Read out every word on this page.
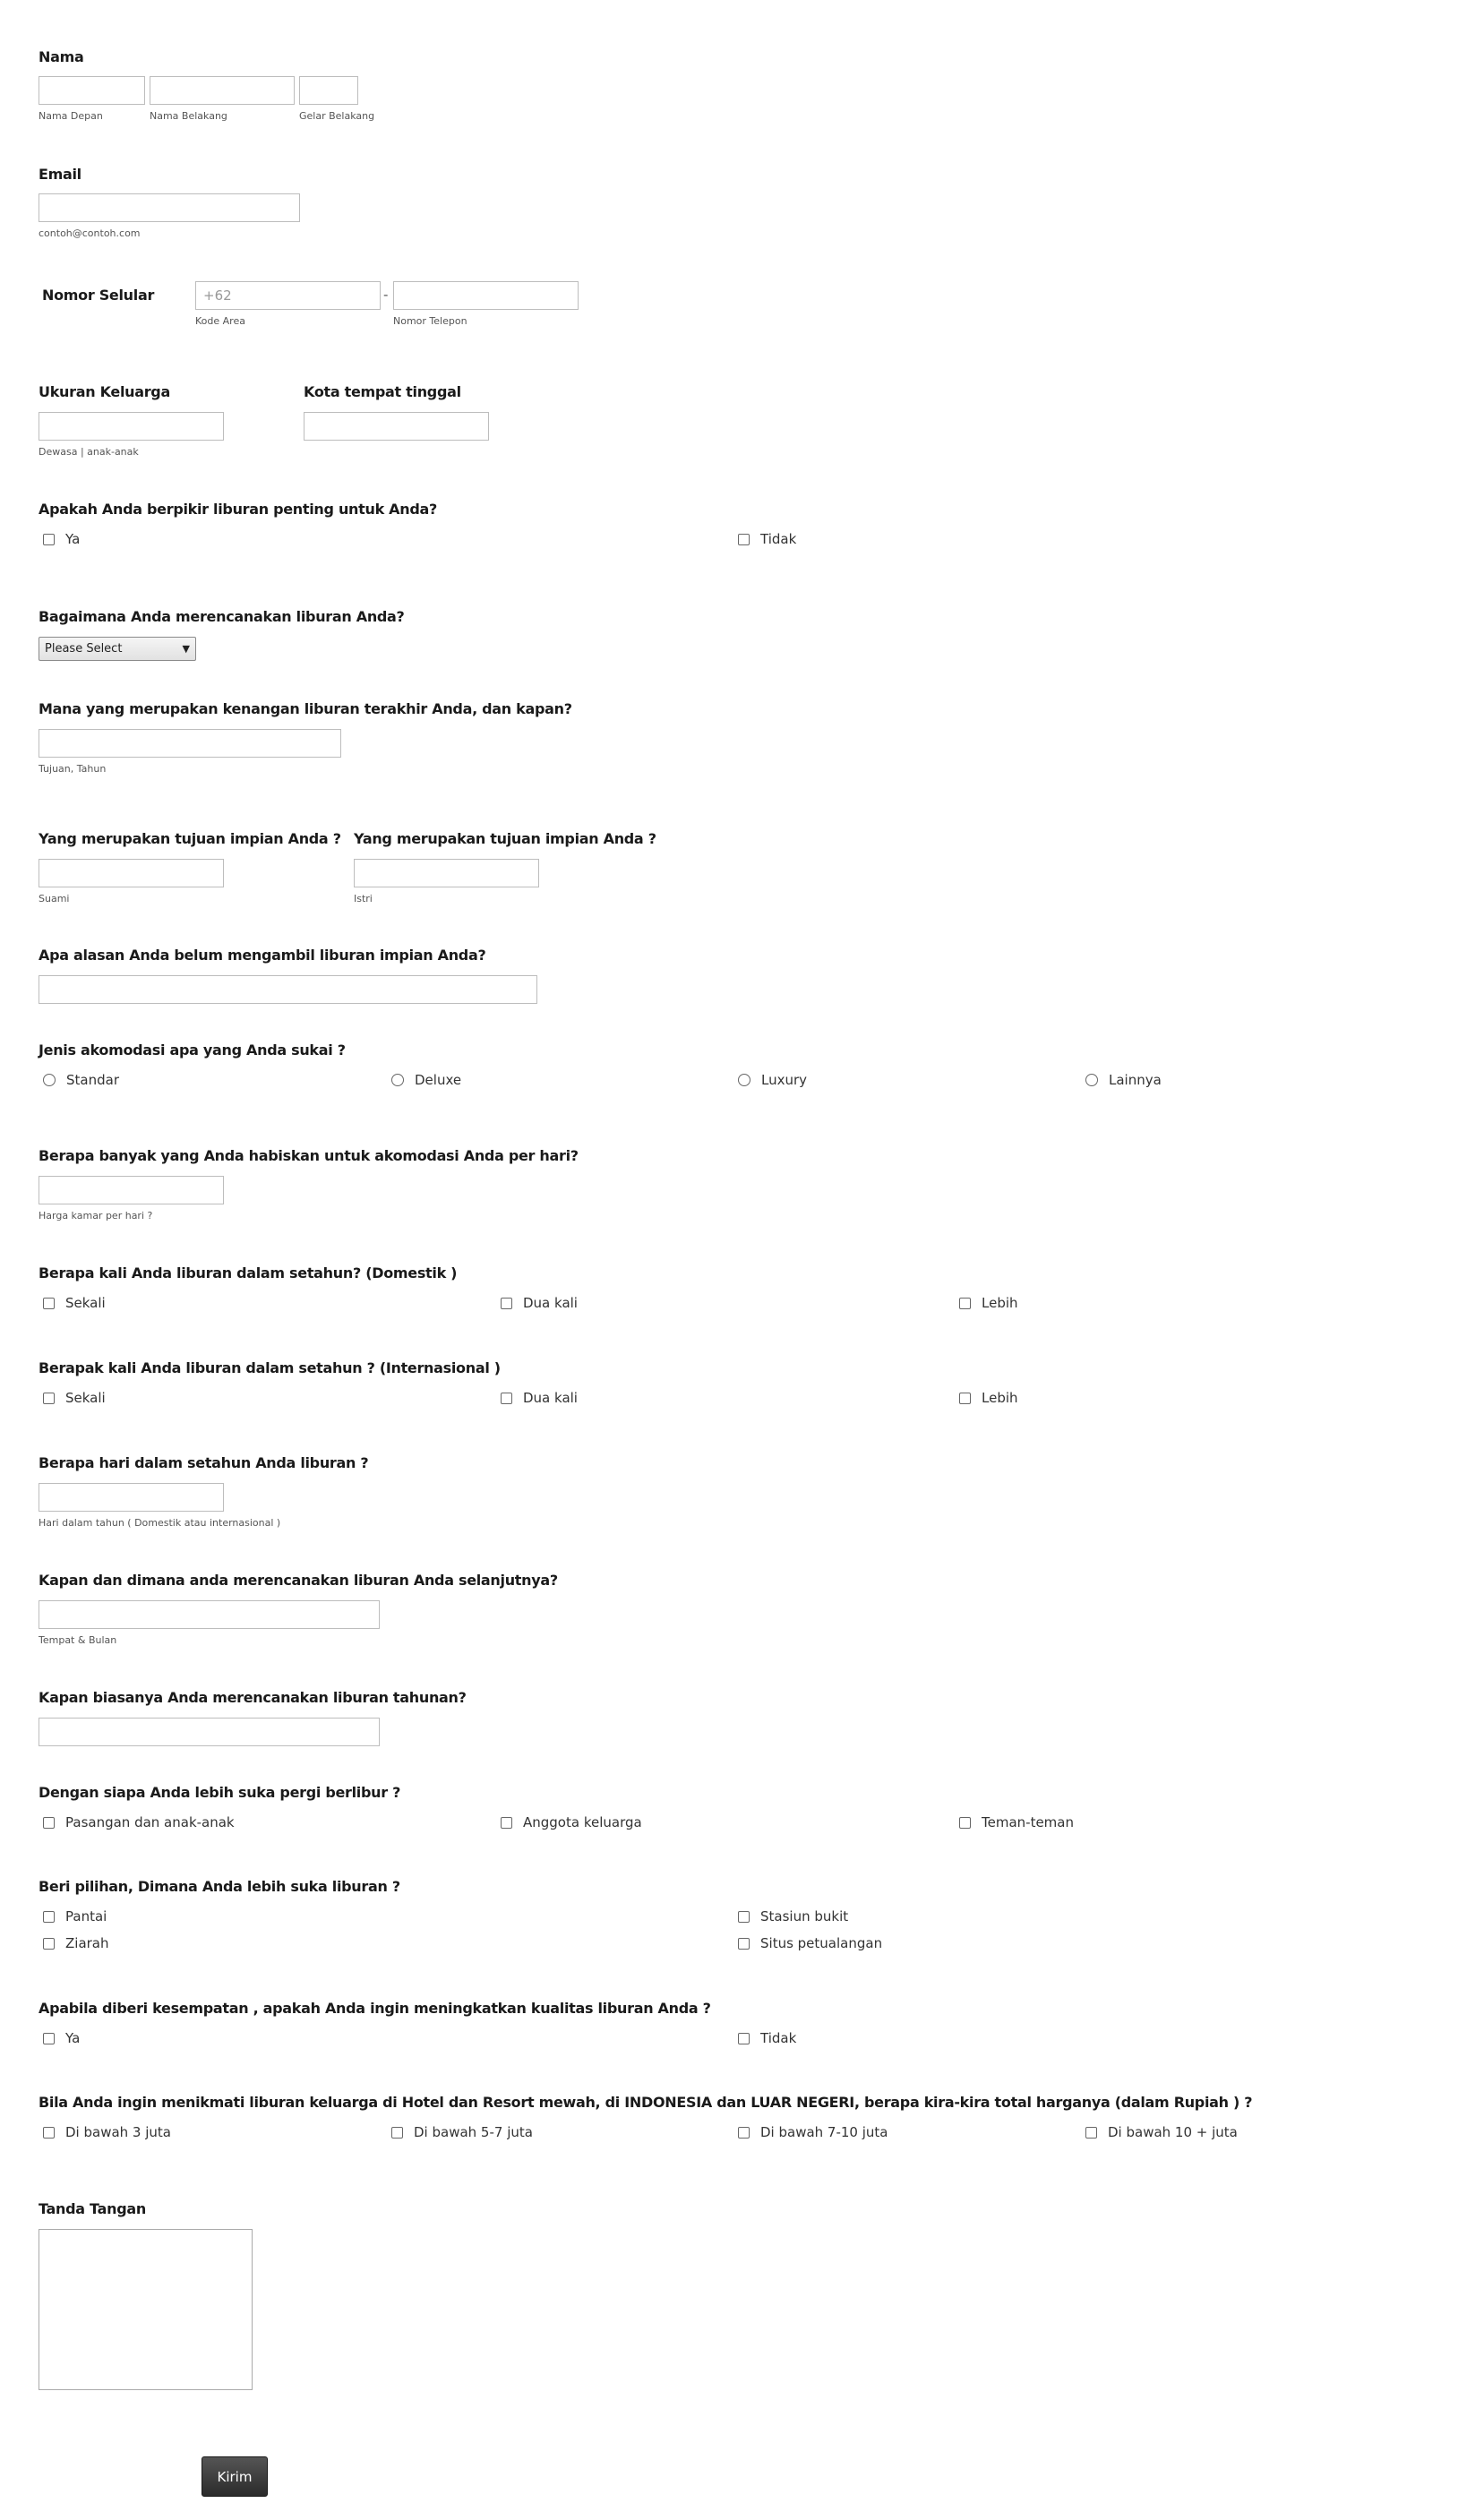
Nama
Nama Depan	Nama Belakang	Gelar Belakang
Email
contoh@contoh.com
Nomor Selular
+62	-
Kode Area	Nomor Telepon
Ukuran Keluarga
Dewasa | anak-anak
Kota tempat tinggal
Apakah Anda berpikir liburan penting untuk Anda?
Ya	Tidak
Bagaimana Anda merencanakan liburan Anda?
Please Select	▼
Mana yang merupakan kenangan liburan terakhir Anda, dan kapan?
Tujuan, Tahun
Yang merupakan tujuan impian Anda ?
Suami
Yang merupakan tujuan impian Anda ?
Istri
Apa alasan Anda belum mengambil liburan impian Anda?
Jenis akomodasi apa yang Anda sukai ?
Standar	Deluxe	Luxury	Lainnya
Berapa banyak yang Anda habiskan untuk akomodasi Anda per hari?
Harga kamar per hari ?
Berapa kali Anda liburan dalam setahun? (Domestik )
Sekali	Dua kali	Lebih
Berapak kali Anda liburan dalam setahun ? (Internasional )
Sekali	Dua kali	Lebih
Berapa hari dalam setahun Anda liburan ?
Hari dalam tahun ( Domestik atau internasional )
Kapan dan dimana anda merencanakan liburan Anda selanjutnya?
Tempat & Bulan
Kapan biasanya Anda merencanakan liburan tahunan?
Dengan siapa Anda lebih suka pergi berlibur ?
Pasangan dan anak-anak	Anggota keluarga	Teman-teman
Beri pilihan, Dimana Anda lebih suka liburan ?
Pantai	Stasiun bukit
Ziarah	Situs petualangan
Apabila diberi kesempatan , apakah Anda ingin meningkatkan kualitas liburan Anda ?
Ya	Tidak
Bila Anda ingin menikmati liburan keluarga di Hotel dan Resort mewah, di INDONESIA dan LUAR NEGERI, berapa kira-kira total harganya (dalam Rupiah ) ?
Di bawah 3 juta	Di bawah 5-7 juta	Di bawah 7-10 juta	Di bawah 10 + juta
Tanda Tangan
Kirim
